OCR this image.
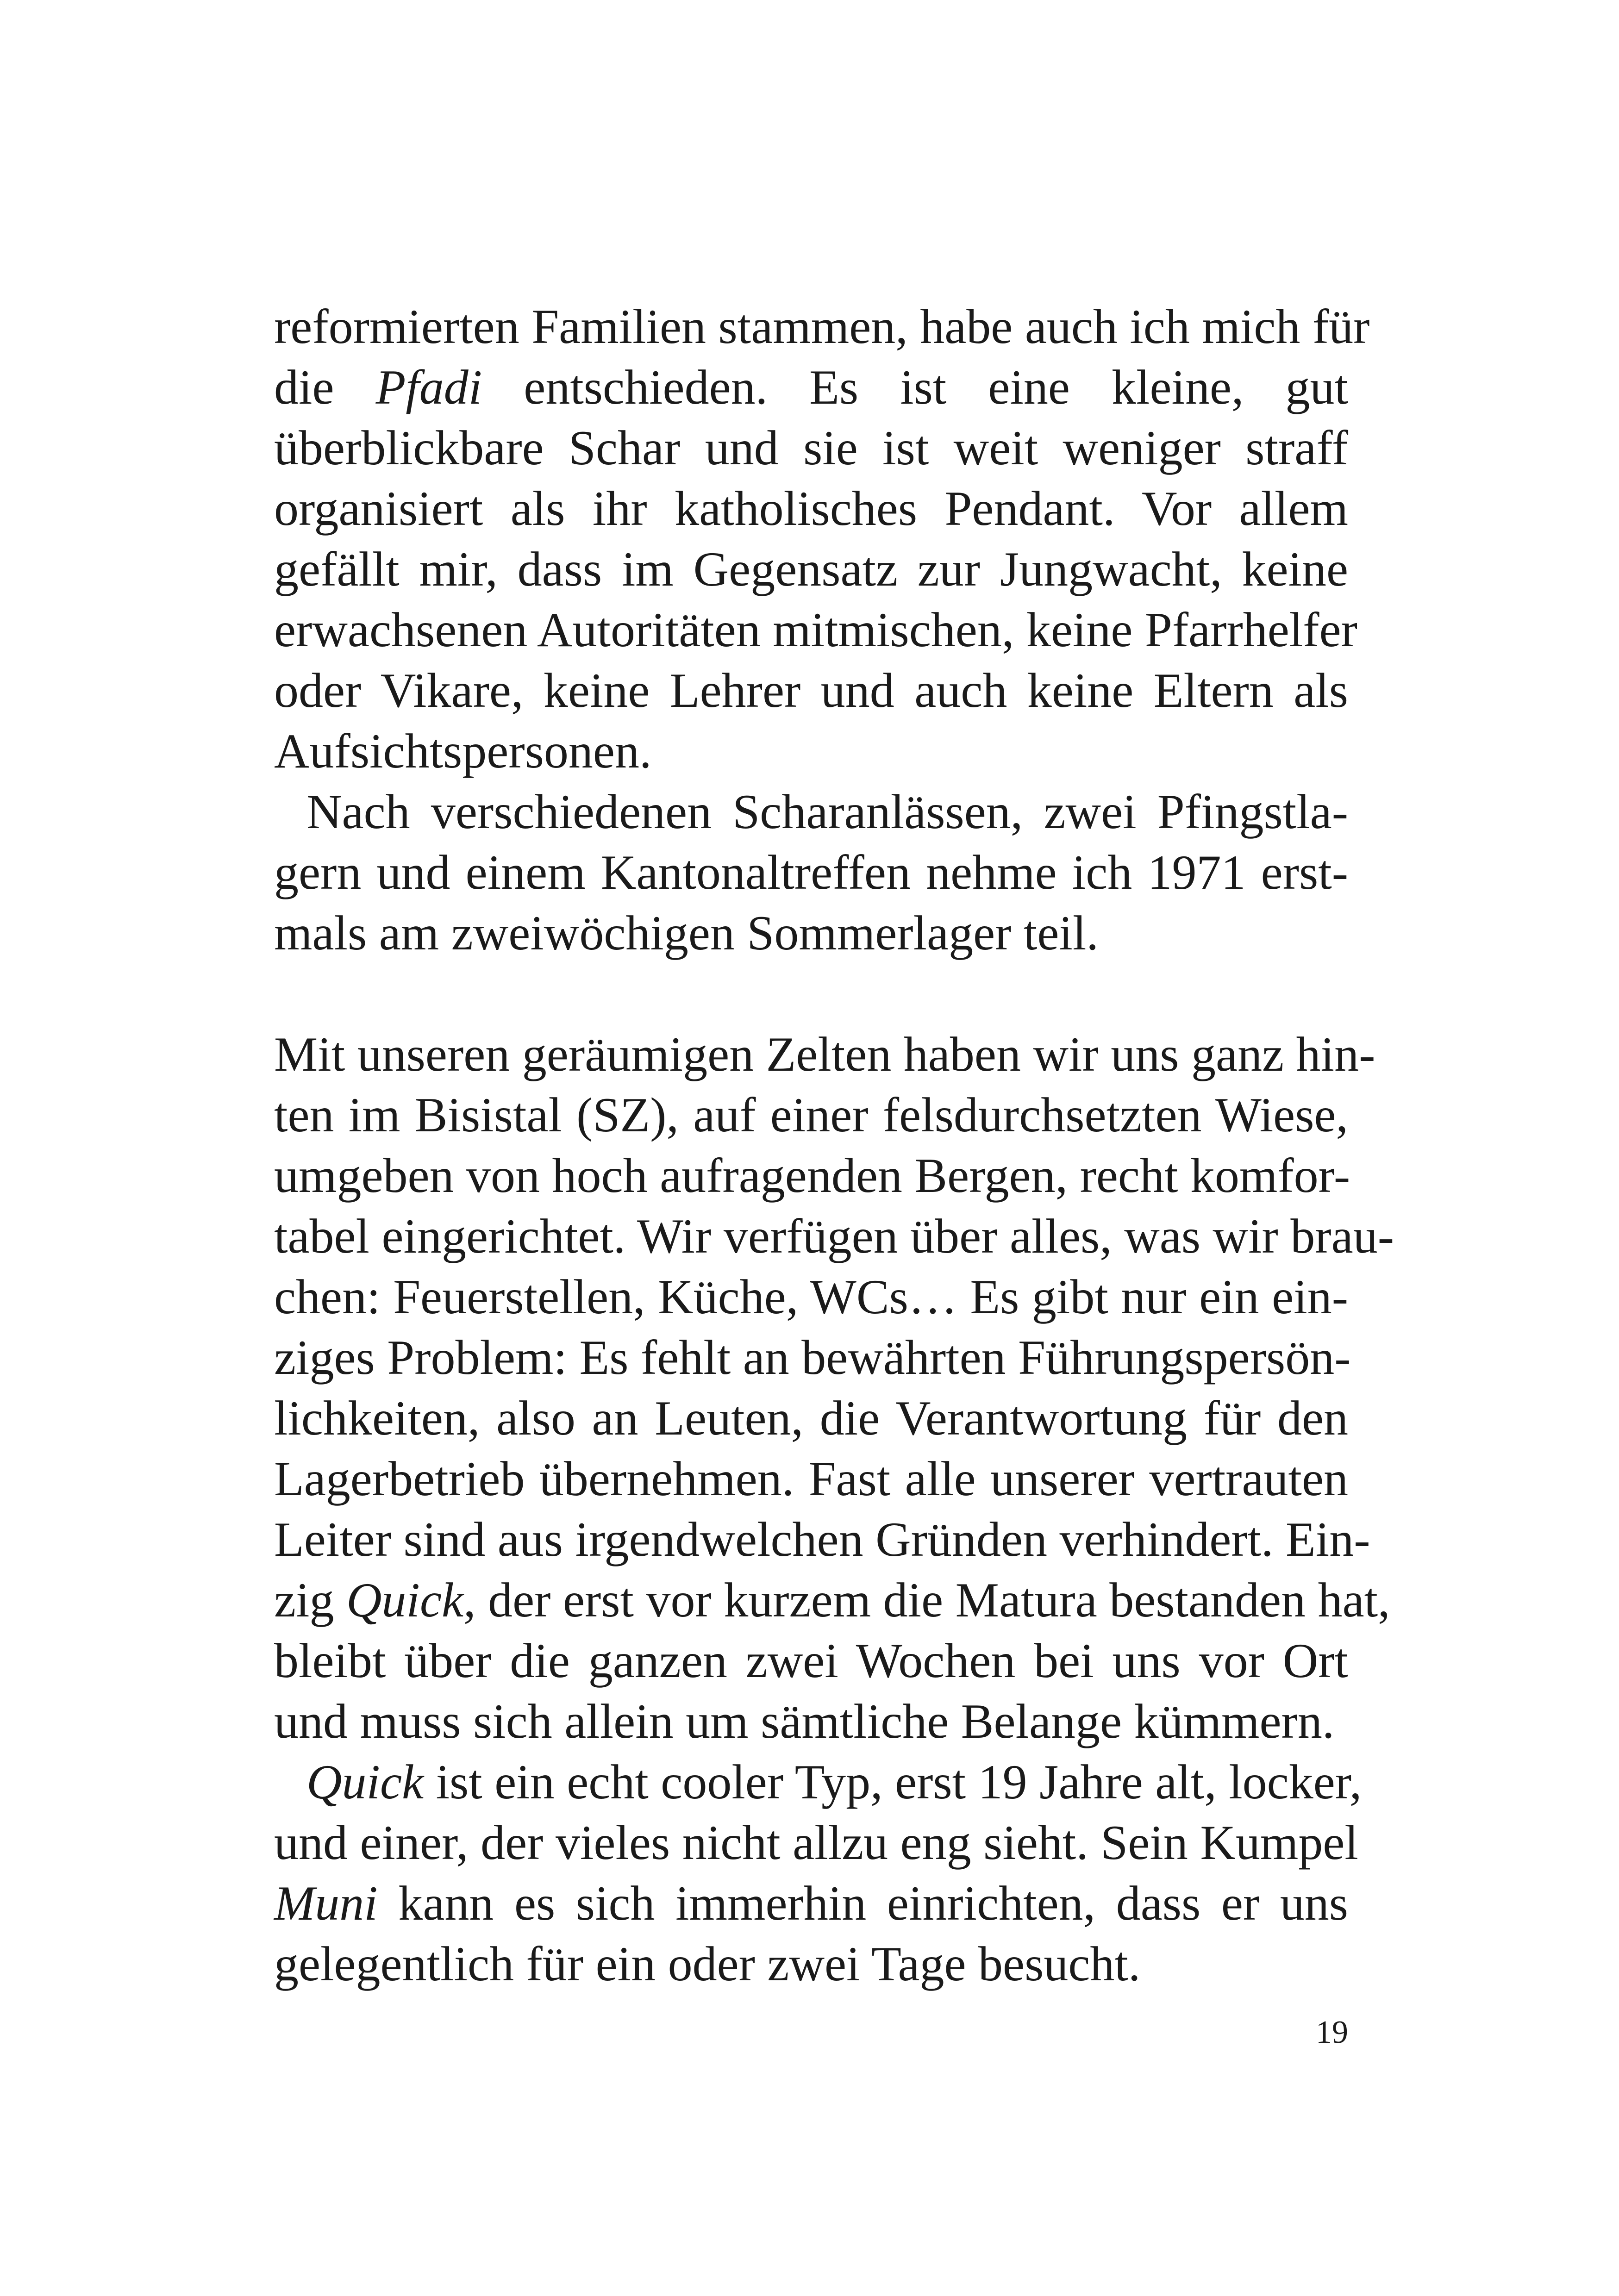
reformierten Familien stammen, habe auch ich mich für
die Pfadi entschieden. Es ist eine kleine, gut
überblickbare Schar und sie ist weit weniger straff
organisiert als ihr katholisches Pendant. Vor allem
gefällt mir, dass im Gegensatz zur Jungwacht, keine
erwachsenen Autoritäten mitmischen, keine Pfarrhelfer
oder Vikare, keine Lehrer und auch keine Eltern als
Aufsichtspersonen.
Nach verschiedenen Scharanlässen, zwei Pfingstla-
gern und einem Kantonaltreffen nehme ich 1971 erst-
mals am zweiwöchigen Sommerlager teil.
Mit unseren geräumigen Zelten haben wir uns ganz hin-
ten im Bisistal (SZ), auf einer felsdurchsetzten Wiese,
umgeben von hoch aufragenden Bergen, recht komfor-
tabel eingerichtet. Wir verfügen über alles, was wir brau-
chen: Feuerstellen, Küche, WCs… Es gibt nur ein ein-
ziges Problem: Es fehlt an bewährten Führungspersön-
lichkeiten, also an Leuten, die Verantwortung für den
Lagerbetrieb übernehmen. Fast alle unserer vertrauten
Leiter sind aus irgendwelchen Gründen verhindert. Ein-
zig Quick, der erst vor kurzem die Matura bestanden hat,
bleibt über die ganzen zwei Wochen bei uns vor Ort
und muss sich allein um sämtliche Belange kümmern.
Quick ist ein echt cooler Typ, erst 19 Jahre alt, locker,
und einer, der vieles nicht allzu eng sieht. Sein Kumpel
Muni kann es sich immerhin einrichten, dass er uns
gelegentlich für ein oder zwei Tage besucht.
19
